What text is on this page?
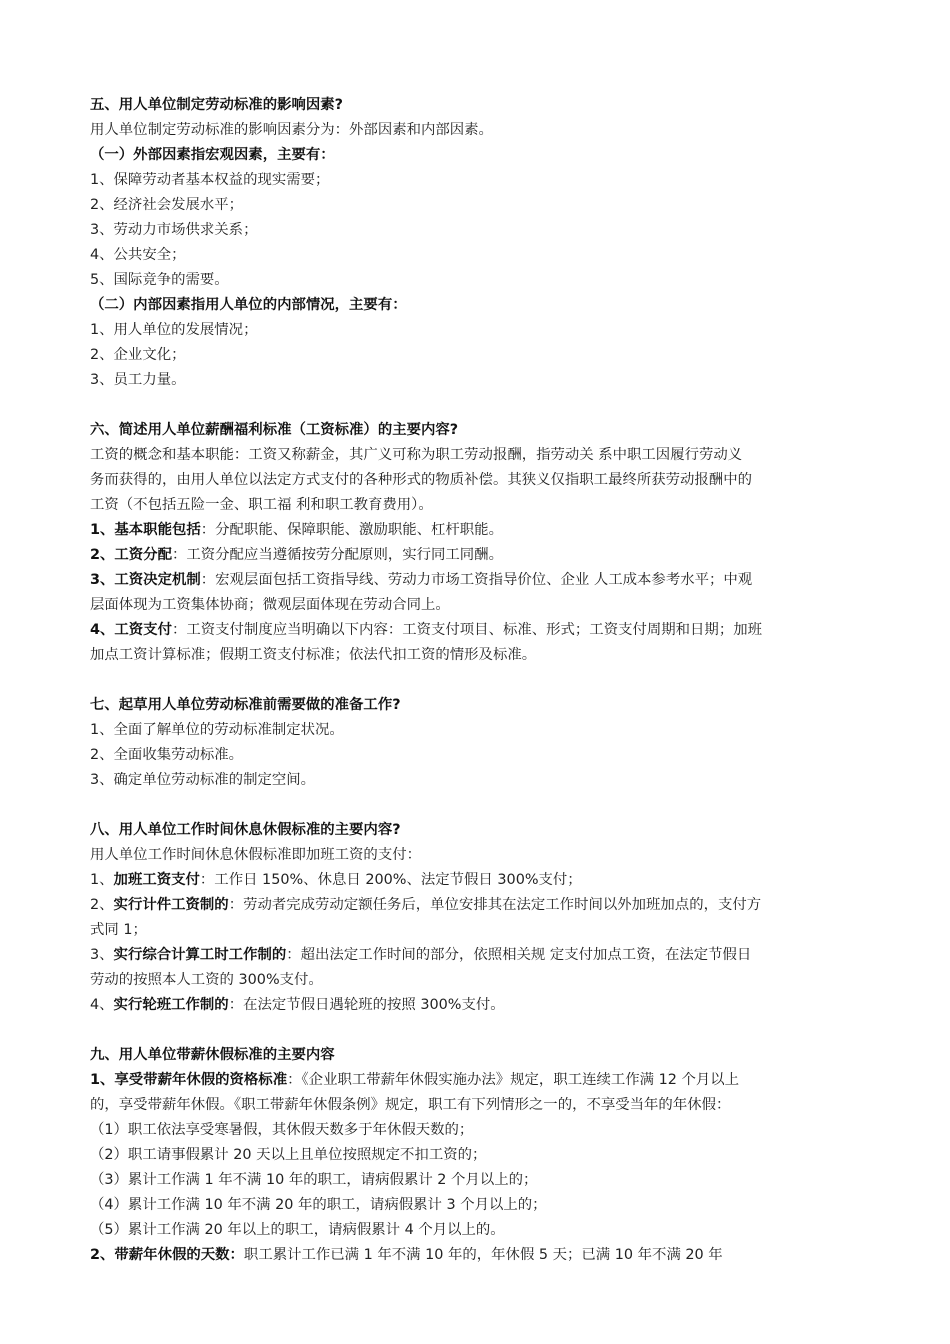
五、用人单位制定劳动标准的影响因素?
用人单位制定劳动标准的影响因素分为：外部因素和内部因素。
（一）外部因素指宏观因素，主要有：
1、保障劳动者基本权益的现实需要；
2、经济社会发展水平；
3、劳动力市场供求关系；
4、公共安全；
5、国际竞争的需要。
（二）内部因素指用人单位的内部情况，主要有：
1、用人单位的发展情况；
2、企业文化；
3、员工力量。
六、简述用人单位薪酬福利标准（工资标准）的主要内容?
工资的概念和基本职能：工资又称薪金，其广义可称为职工劳动报酬，指劳动关 系中职工因履行劳动义
务而获得的，由用人单位以法定方式支付的各种形式的物质补偿。其狭义仅指职工最终所获劳动报酬中的
工资（不包括五险一金、职工福 利和职工教育费用）。
1、基本职能包括：分配职能、保障职能、激励职能、杠杆职能。
2、工资分配：工资分配应当遵循按劳分配原则，实行同工同酬。
3、工资决定机制：宏观层面包括工资指导线、劳动力市场工资指导价位、企业 人工成本参考水平；中观
层面体现为工资集体协商；微观层面体现在劳动合同上。
4、工资支付：工资支付制度应当明确以下内容：工资支付项目、标准、形式；工资支付周期和日期；加班
加点工资计算标准；假期工资支付标准；依法代扣工资的情形及标准。
七、起草用人单位劳动标准前需要做的准备工作?
1、全面了解单位的劳动标准制定状况。
2、全面收集劳动标准。
3、确定单位劳动标准的制定空间。
八、用人单位工作时间休息休假标准的主要内容?
用人单位工作时间休息休假标准即加班工资的支付：
1、加班工资支付：工作日 150%、休息日 200%、法定节假日 300%支付；
2、实行计件工资制的：劳动者完成劳动定额任务后，单位安排其在法定工作时间以外加班加点的，支付方
式同 1；
3、实行综合计算工时工作制的：超出法定工作时间的部分，依照相关规 定支付加点工资，在法定节假日
劳动的按照本人工资的 300%支付。
4、实行轮班工作制的：在法定节假日遇轮班的按照 300%支付。
九、用人单位带薪休假标准的主要内容
1、享受带薪年休假的资格标准：《企业职工带薪年休假实施办法》规定，职工连续工作满 12 个月以上
的，享受带薪年休假。《职工带薪年休假条例》规定，职工有下列情形之一的，不享受当年的年休假：
（1）职工依法享受寒暑假，其休假天数多于年休假天数的；
（2）职工请事假累计 20 天以上且单位按照规定不扣工资的；
（3）累计工作满 1 年不满 10 年的职工，请病假累计 2 个月以上的；
（4）累计工作满 10 年不满 20 年的职工，请病假累计 3 个月以上的；
（5）累计工作满 20 年以上的职工，请病假累计 4 个月以上的。
2、带薪年休假的天数：职工累计工作已满 1 年不满 10 年的，年休假 5 天；已满 10 年不满 20 年
